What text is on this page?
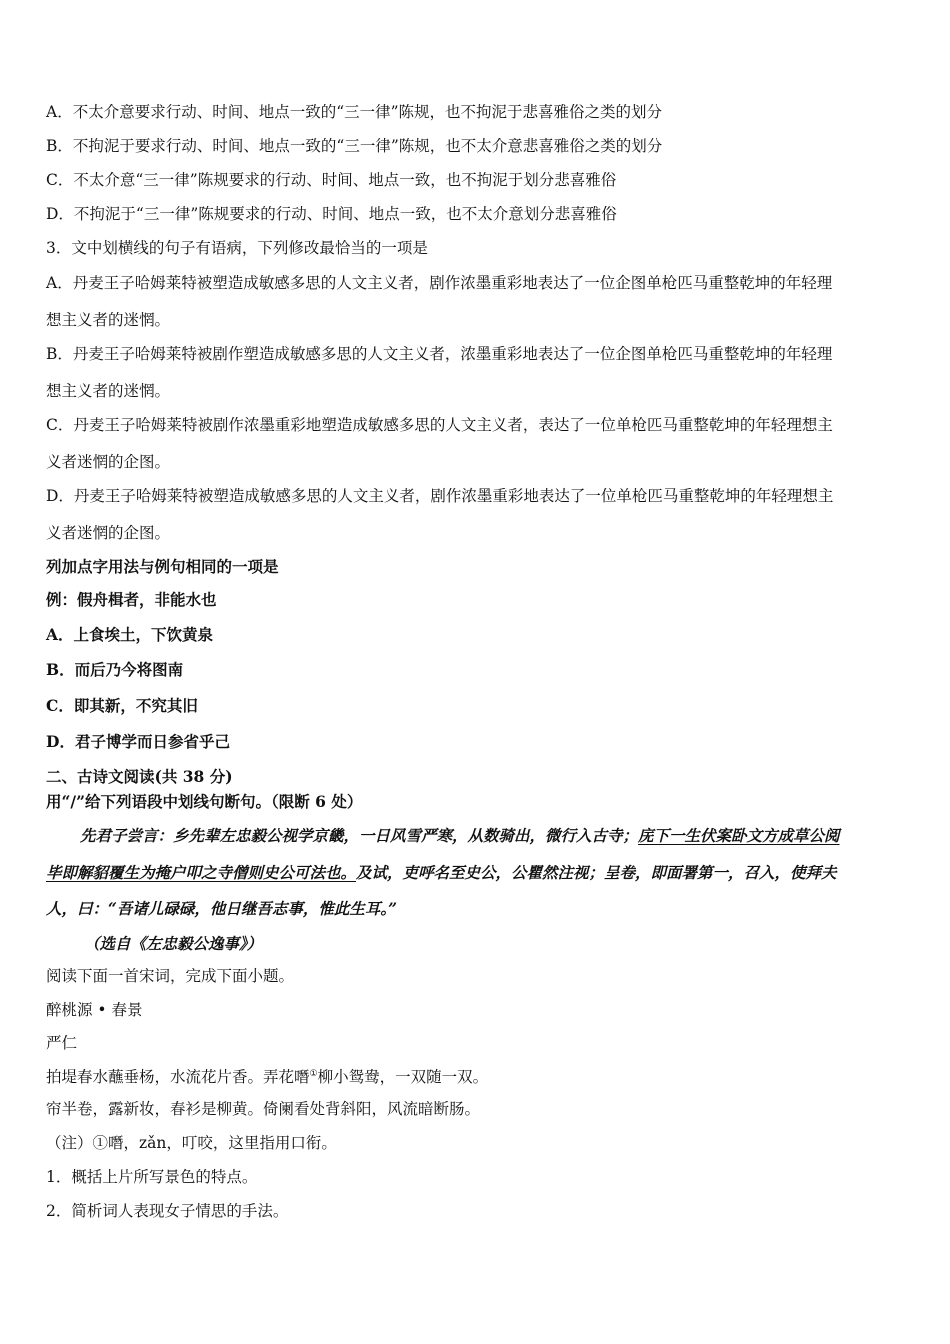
A．不太介意要求行动、时间、地点一致的“三一律”陈规，也不拘泥于悲喜雅俗之类的划分
B．不拘泥于要求行动、时间、地点一致的“三一律”陈规，也不太介意悲喜雅俗之类的划分
C．不太介意“三一律”陈规要求的行动、时间、地点一致，也不拘泥于划分悲喜雅俗
D．不拘泥于“三一律”陈规要求的行动、时间、地点一致，也不太介意划分悲喜雅俗
3．文中划横线的句子有语病，下列修改最恰当的一项是
A．丹麦王子哈姆莱特被塑造成敏感多思的人文主义者，剧作浓墨重彩地表达了一位企图单枪匹马重整乾坤的年轻理
想主义者的迷惘。
B．丹麦王子哈姆莱特被剧作塑造成敏感多思的人文主义者，浓墨重彩地表达了一位企图单枪匹马重整乾坤的年轻理
想主义者的迷惘。
C．丹麦王子哈姆莱特被剧作浓墨重彩地塑造成敏感多思的人文主义者，表达了一位单枪匹马重整乾坤的年轻理想主
义者迷惘的企图。
D．丹麦王子哈姆莱特被塑造成敏感多思的人文主义者，剧作浓墨重彩地表达了一位单枪匹马重整乾坤的年轻理想主
义者迷惘的企图。
列加点字用法与例句相同的一项是
例：假舟楫者，非能水也
A．上食埃土，下饮黄泉
B．而后乃今将图南
C．即其新，不究其旧
D．君子博学而日参省乎己
二、古诗文阅读(共 38 分)
用“/”给下列语段中划线句断句。（限断 6 处）
先君子尝言：乡先辈左忠毅公视学京畿，一日风雪严寒，从数骑出，微行入古寺；庑下一生伏案卧文方成草公阅
毕即解貂覆生为掩户叩之寺僧则史公可法也。及试，吏呼名至史公，公瞿然注视；呈卷，即面署第一，召入，使拜夫
人，曰：“吾诸儿碌碌，他日继吾志事，惟此生耳。”
（选自《左忠毅公逸事》）
阅读下面一首宋词，完成下面小题。
醉桃源 • 春景
严仁
拍堤春水蘸垂杨，水流花片香。弄花噆①柳小鸳鸯，一双随一双。
帘半卷，露新妆，春衫是柳黄。倚阑看处背斜阳，风流暗断肠。
（注）①噆，zǎn，叮咬，这里指用口衔。
1．概括上片所写景色的特点。
2．简析词人表现女子情思的手法。
